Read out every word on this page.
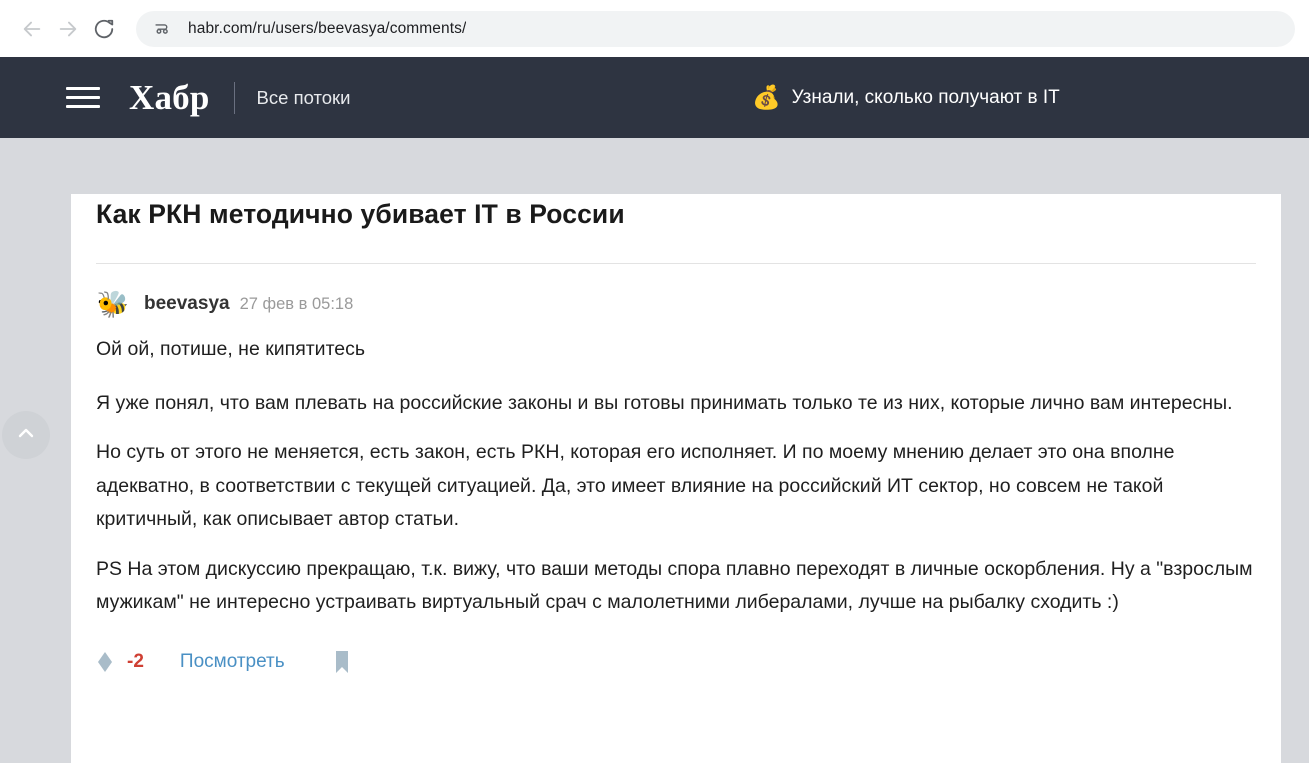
habr.com/ru/users/beevasya/comments/
Хабр	Все потоки	💰 Узнали, сколько получают в IT
Как РКН методично убивает IT в России
🐝 beevasya 27 фев в 05:18

Ой ой, потише, не кипятитесь

Я уже понял, что вам плевать на российские законы и вы готовы принимать только те из них, которые лично вам интересны.

Но суть от этого не меняется, есть закон, есть РКН, которая его исполняет. И по моему мнению делает это она вполне адекватно, в соответствии с текущей ситуацией. Да, это имеет влияние на российский ИТ сектор, но совсем не такой критичный, как описывает автор статьи.

PS На этом дискуссию прекращаю, т.к. вижу, что ваши методы спора плавно переходят в личные оскорбления. Ну а "взрослым мужикам" не интересно устраивать виртуальный срач с малолетними либералами, лучше на рыбалку сходить :)

-2 Посмотреть
